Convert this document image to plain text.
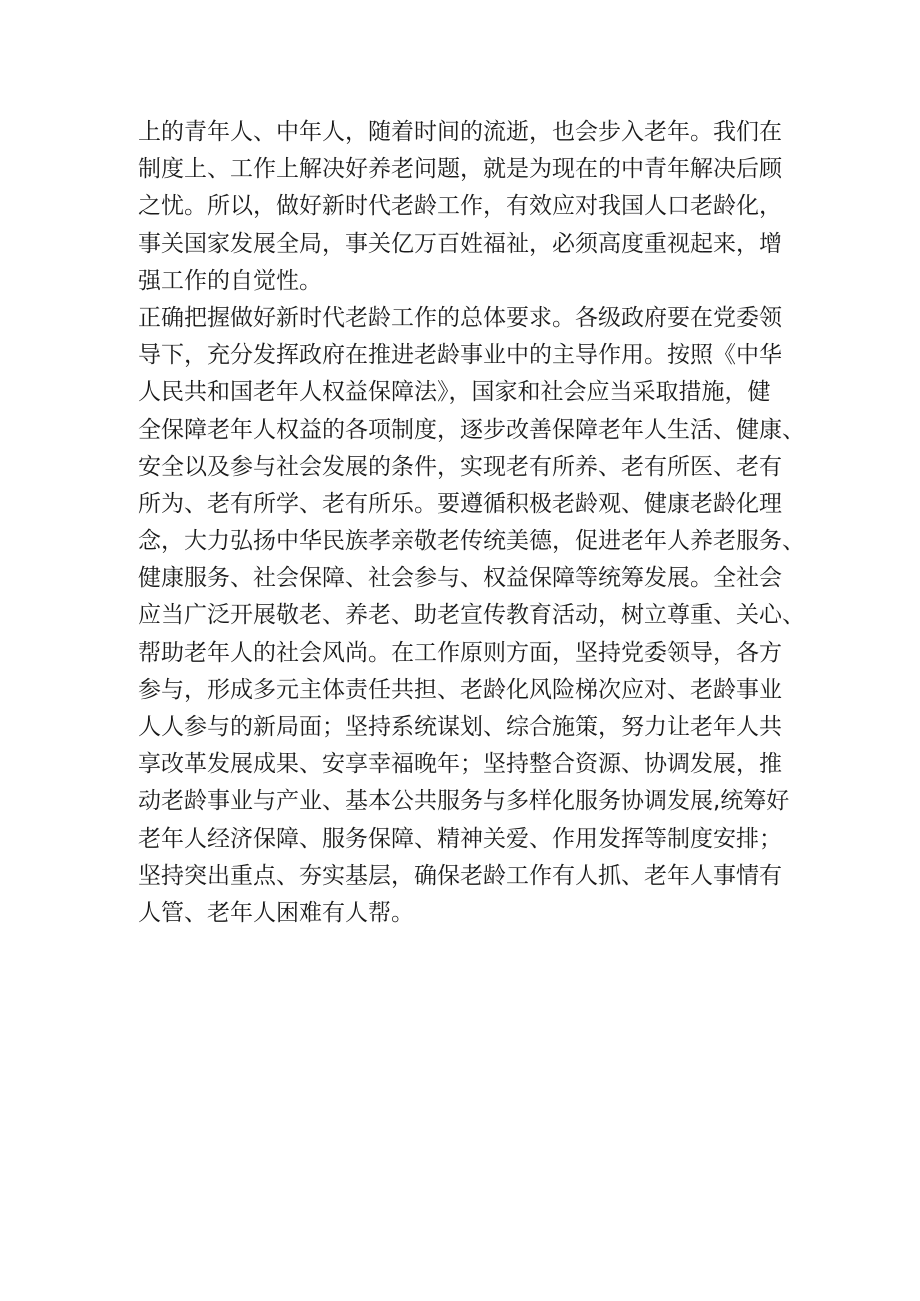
上的青年人、中年人，随着时间的流逝，也会步入老年。我们在
制度上、工作上解决好养老问题，就是为现在的中青年解决后顾
之忧。所以，做好新时代老龄工作，有效应对我国人口老龄化，
事关国家发展全局，事关亿万百姓福祉，必须高度重视起来，增
强工作的自觉性。
正确把握做好新时代老龄工作的总体要求。各级政府要在党委领
导下，充分发挥政府在推进老龄事业中的主导作用。按照《中华
人民共和国老年人权益保障法》，国家和社会应当采取措施，健
全保障老年人权益的各项制度，逐步改善保障老年人生活、健康、
安全以及参与社会发展的条件，实现老有所养、老有所医、老有
所为、老有所学、老有所乐。要遵循积极老龄观、健康老龄化理
念，大力弘扬中华民族孝亲敬老传统美德，促进老年人养老服务、
健康服务、社会保障、社会参与、权益保障等统筹发展。全社会
应当广泛开展敬老、养老、助老宣传教育活动，树立尊重、关心、
帮助老年人的社会风尚。在工作原则方面，坚持党委领导，各方
参与，形成多元主体责任共担、老龄化风险梯次应对、老龄事业
人人参与的新局面；坚持系统谋划、综合施策，努力让老年人共
享改革发展成果、安享幸福晚年；坚持整合资源、协调发展，推
动老龄事业与产业、基本公共服务与多样化服务协调发展,统筹好
老年人经济保障、服务保障、精神关爱、作用发挥等制度安排；
坚持突出重点、夯实基层，确保老龄工作有人抓、老年人事情有
人管、老年人困难有人帮。
